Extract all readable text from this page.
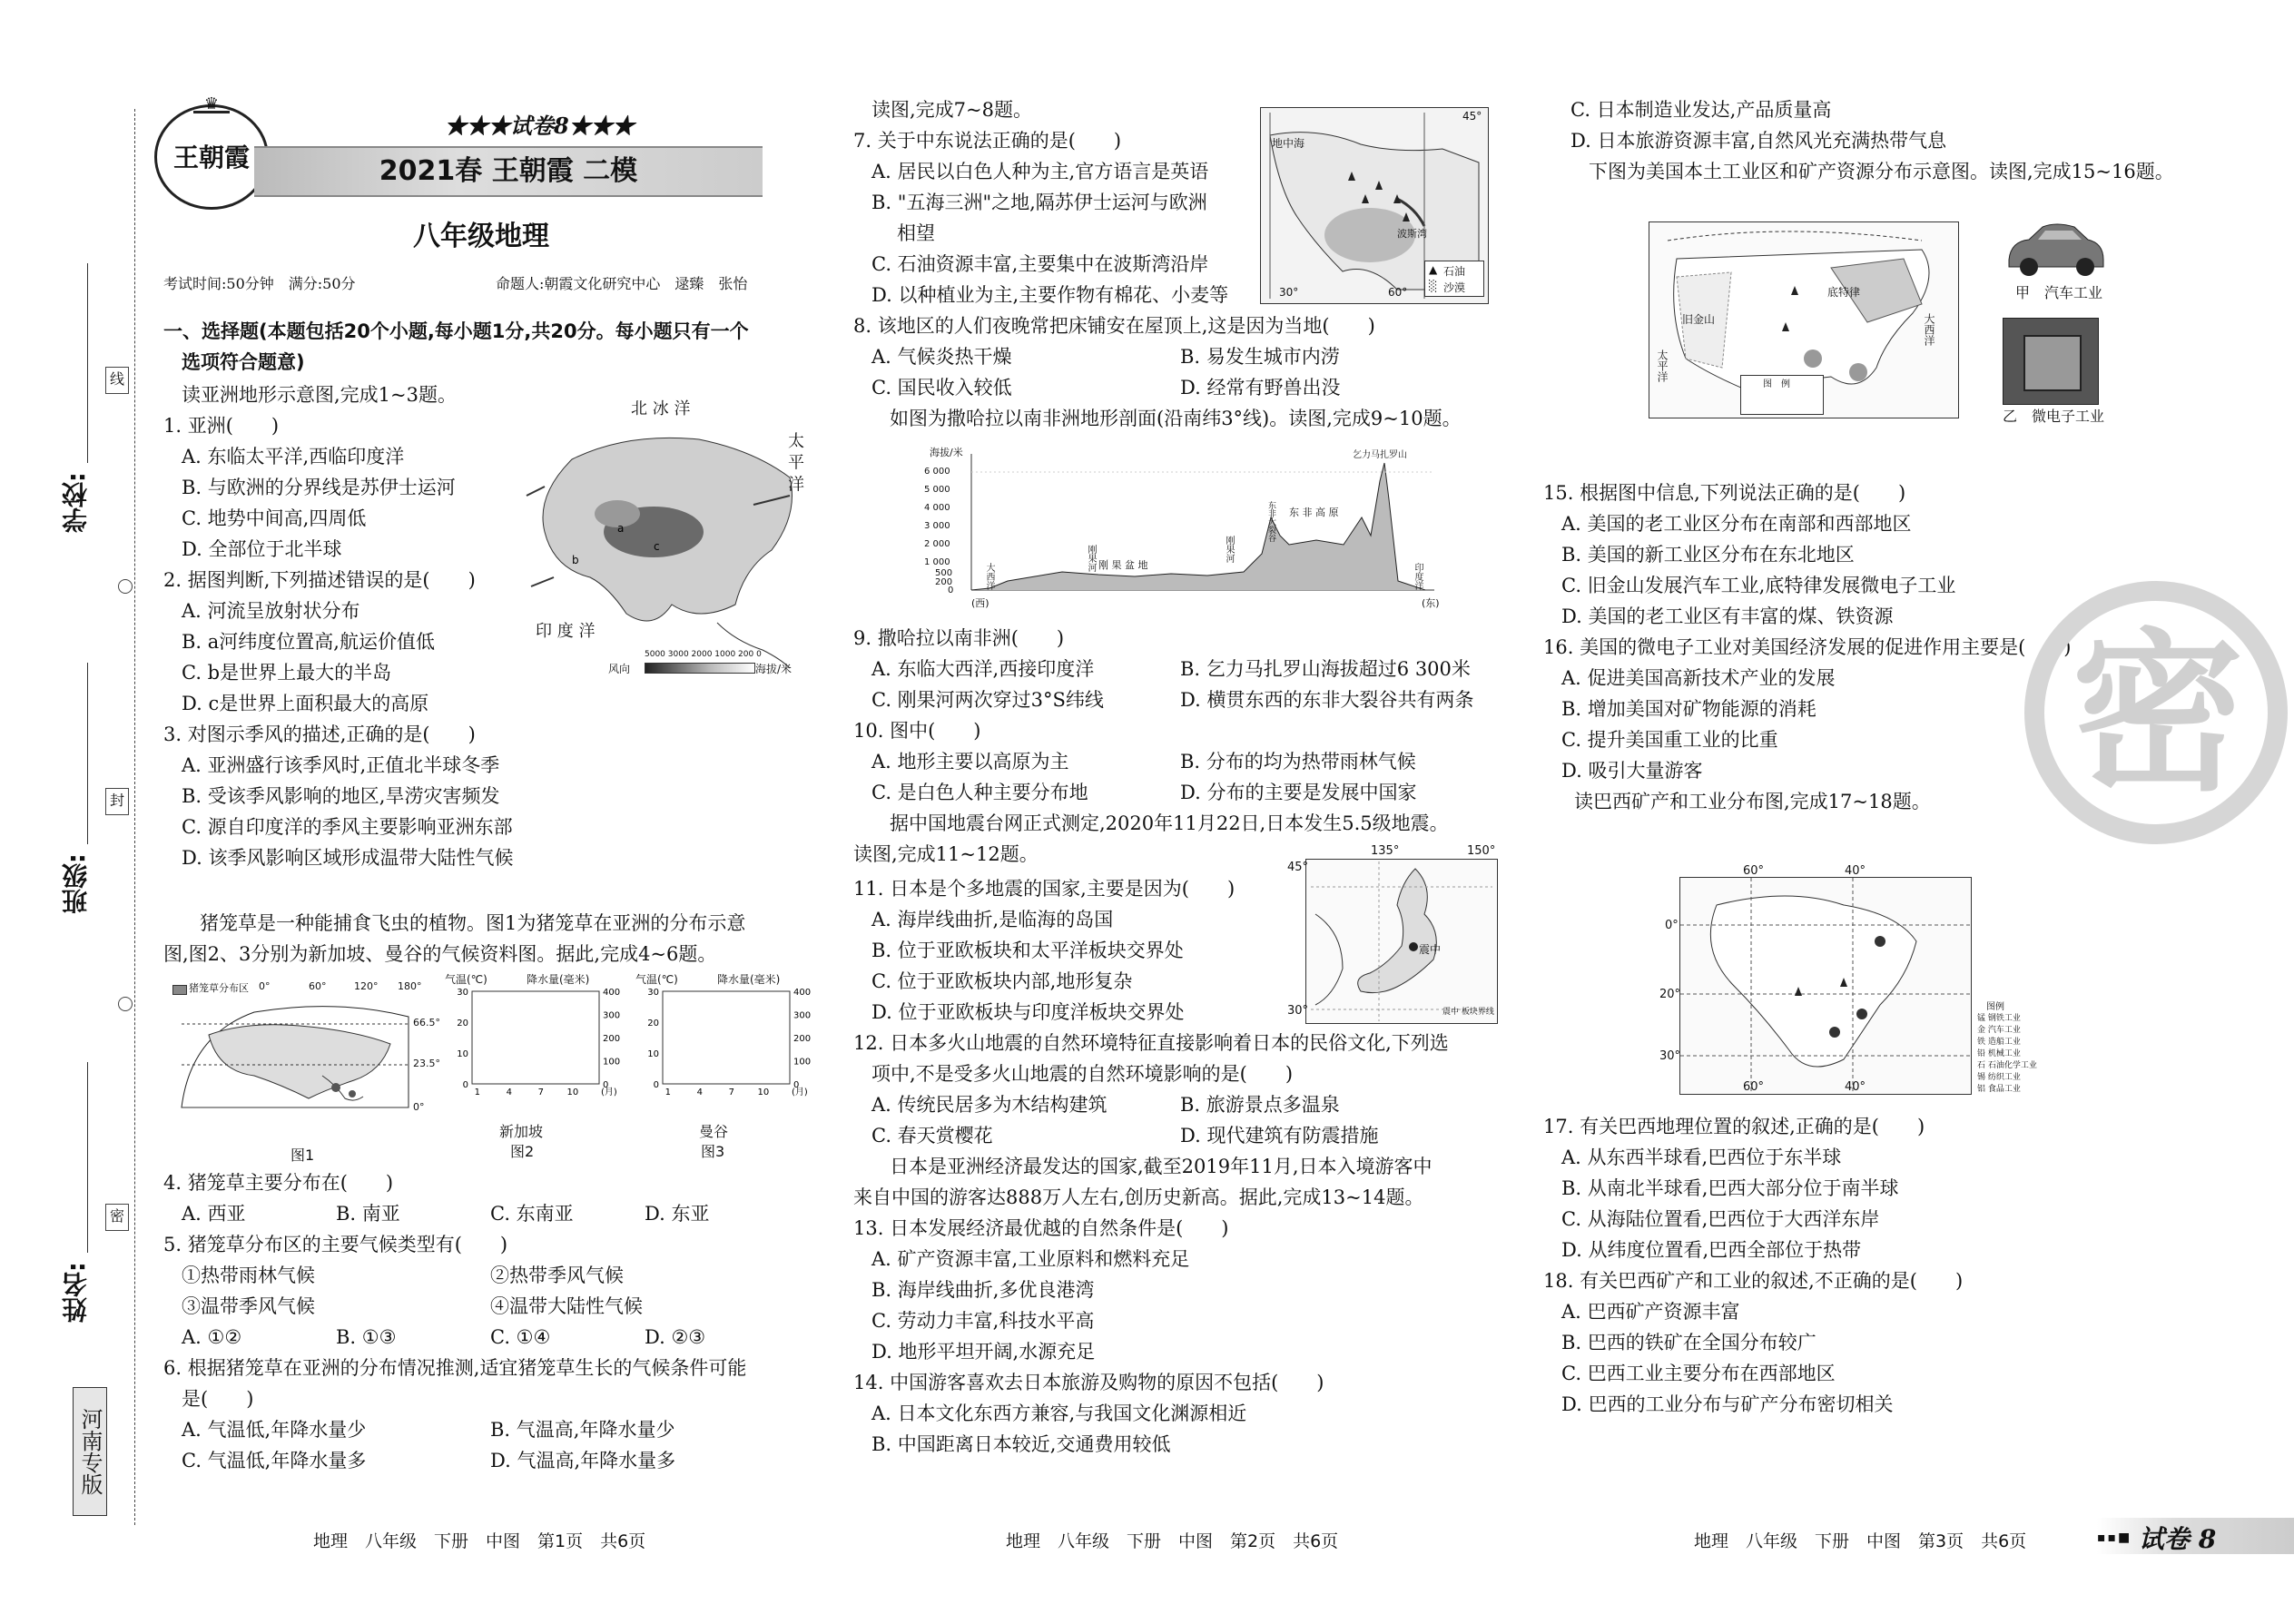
学校:
线
班级:
封
密
姓名:
河南专版
♛
王朝霞
★★★试卷8★★★
2021春 王朝霞 二模
八年级地理
考试时间:50分钟　满分:50分	命题人:朝霞文化研究中心　逯臻　张怡
一、选择题(本题包括20个小题,每小题1分,共20分。每小题只有一个
选项符合题意)
读亚洲地形示意图,完成1~3题。
1. 亚洲(　　)
A. 东临太平洋,西临印度洋
B. 与欧洲的分界线是苏伊士运河
C. 地势中间高,四周低
D. 全部位于北半球
2. 据图判断,下列描述错误的是(　　)
A. 河流呈放射状分布
B. a河纬度位置高,航运价值低
C. b是世界上最大的半岛
D. c是世界上面积最大的高原
3. 对图示季风的描述,正确的是(　　)
A. 亚洲盛行该季风时,正值北半球冬季
B. 受该季风影响的地区,旱涝灾害频发
C. 源自印度洋的季风主要影响亚洲东部
D. 该季风影响区域形成温带大陆性气候
a
b
c
北 冰 洋
太 平 洋
印 度 洋
风向
5000 3000 2000 1000 200 0
海拔/米
猪笼草是一种能捕食飞虫的植物。图1为猪笼草在亚洲的分布示意
图,图2、3分别为新加坡、曼谷的气候资料图。据此,完成4~6题。
猪笼草分布区 0°	60°	120° 180°
66.5°
23.5°
0°
图1
气温(℃)	降水量(毫米)
30
20
10
0
400
300
200
100
0
1	4	7	10 (月)
新加坡
图2
气温(℃)	降水量(毫米)
30
20
10
0
400
300
200
100
0
1	4	7	10 (月)
曼谷
图3
4. 猪笼草主要分布在(　　)
A. 西亚	B. 南亚	C. 东南亚	D. 东亚
5. 猪笼草分布区的主要气候类型有(　　)
①热带雨林气候	②热带季风气候
③温带季风气候	④温带大陆性气候
A. ①②	B. ①③	C. ①④	D. ②③
6. 根据猪笼草在亚洲的分布情况推测,适宜猪笼草生长的气候条件可能
是(　　)
A. 气温低,年降水量少	B. 气温高,年降水量少
C. 气温低,年降水量多	D. 气温高,年降水量多
读图,完成7~8题。
7. 关于中东说法正确的是(　　)
A. 居民以白色人种为主,官方语言是英语
B. "五海三洲"之地,隔苏伊士运河与欧洲
相望
C. 石油资源丰富,主要集中在波斯湾沿岸
D. 以种植业为主,主要作物有棉花、小麦等
地中海
波斯湾
45°
30°	60°
▲ 石油
░ 沙漠
8. 该地区的人们夜晚常把床铺安在屋顶上,这是因为当地(　　)
A. 气候炎热干燥	B. 易发生城市内涝
C. 国民收入较低	D. 经常有野兽出没
如图为撒哈拉以南非洲地形剖面(沿南纬3°线)。读图,完成9~10题。
海拔/米
6 000
5 000
4 000
3 000
2 000
1 000
500
200
0
(西)	(东)
大西洋
刚果河 刚 果 盆 地
刚果河
东 非 高 原
东非大裂谷
乞力马扎罗山
印度洋
9. 撒哈拉以南非洲(　　)
A. 东临大西洋,西接印度洋	B. 乞力马扎罗山海拔超过6 300米
C. 刚果河两次穿过3°S纬线	D. 横贯东西的东非大裂谷共有两条
10. 图中(　　)
A. 地形主要以高原为主	B. 分布的均为热带雨林气候
C. 是白色人种主要分布地	D. 分布的主要是发展中国家
据中国地震台网正式测定,2020年11月22日,日本发生5.5级地震。
读图,完成11~12题。
震中
震中 板块界线
135°	150°
45°
30°
11. 日本是个多地震的国家,主要是因为(　　)
A. 海岸线曲折,是临海的岛国
B. 位于亚欧板块和太平洋板块交界处
C. 位于亚欧板块内部,地形复杂
D. 位于亚欧板块与印度洋板块交界处
12. 日本多火山地震的自然环境特征直接影响着日本的民俗文化,下列选
项中,不是受多火山地震的自然环境影响的是(　　)
A. 传统民居多为木结构建筑	B. 旅游景点多温泉
C. 春天赏樱花	D. 现代建筑有防震措施
日本是亚洲经济最发达的国家,截至2019年11月,日本入境游客中
来自中国的游客达888万人左右,创历史新高。据此,完成13~14题。
13. 日本发展经济最优越的自然条件是(　　)
A. 矿产资源丰富,工业原料和燃料充足
B. 海岸线曲折,多优良港湾
C. 劳动力丰富,科技水平高
D. 地形平坦开阔,水源充足
14. 中国游客喜欢去日本旅游及购物的原因不包括(　　)
A. 日本文化东西方兼容,与我国文化渊源相近
B. 中国距离日本较近,交通费用较低
C. 日本制造业发达,产品质量高
D. 日本旅游资源丰富,自然风光充满热带气息
下图为美国本土工业区和矿产资源分布示意图。读图,完成15~16题。
旧金山
底特律
太平洋
大西洋
图　例
甲　汽车工业
乙　微电子工业
15. 根据图中信息,下列说法正确的是(　　)
A. 美国的老工业区分布在南部和西部地区
B. 美国的新工业区分布在东北地区
C. 旧金山发展汽车工业,底特律发展微电子工业
D. 美国的老工业区有丰富的煤、铁资源
16. 美国的微电子工业对美国经济发展的促进作用主要是(　　)
A. 促进美国高新技术产业的发展
B. 增加美国对矿物能源的消耗
C. 提升美国重工业的比重
D. 吸引大量游客
读巴西矿产和工业分布图,完成17~18题。
60°	40°
0°
20°
30°
60°	40°
图例
锰 钢铁工业
金 汽车工业
铁 造船工业
铅 机械工业
石 石油化学工业
锡 纺织工业
铝 食品工业
17. 有关巴西地理位置的叙述,正确的是(　　)
A. 从东西半球看,巴西位于东半球
B. 从南北半球看,巴西大部分位于南半球
C. 从海陆位置看,巴西位于大西洋东岸
D. 从纬度位置看,巴西全部位于热带
18. 有关巴西矿产和工业的叙述,不正确的是(　　)
A. 巴西矿产资源丰富
B. 巴西的铁矿在全国分布较广
C. 巴西工业主要分布在西部地区
D. 巴西的工业分布与矿产分布密切相关
密
地理　八年级　下册　中图　第1页　共6页	地理　八年级　下册　中图　第2页　共6页	地理　八年级　下册　中图　第3页　共6页	▪▪■ 试卷 8
